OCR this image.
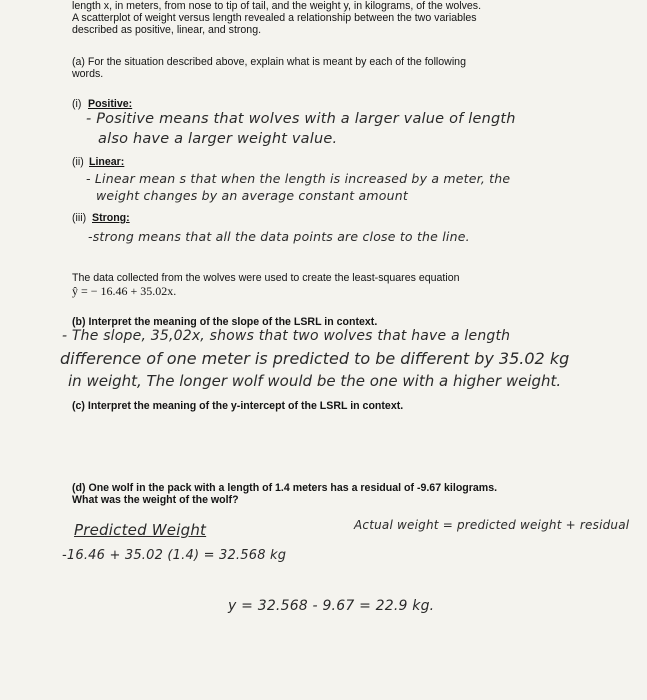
length x, in meters, from nose to tip of tail, and the weight y, in kilograms, of the wolves.
A scatterplot of weight versus length revealed a relationship between the two variables
described as positive, linear, and strong.
(a) For the situation described above, explain what is meant by each of the following
words.
(i) Positive:
- Positive means that wolves with a larger value of length
also have a larger weight value.
(ii) Linear:
- Linear mean s that when the length is increased by a meter, the
weight changes by an average constant amount
(iii) Strong:
-strong means that all the data points are close to the line.
The data collected from the wolves were used to create the least-squares equation
ŷ = − 16.46 + 35.02x.
(b) Interpret the meaning of the slope of the LSRL in context.
- The slope, 35,02x, shows that two wolves that have a length
difference of one meter is predicted to be different by 35.02 kg
in weight, The longer wolf would be the one with a higher weight.
(c) Interpret the meaning of the y-intercept of the LSRL in context.
(d) One wolf in the pack with a length of 1.4 meters has a residual of -9.67 kilograms.
What was the weight of the wolf?
Predicted Weight	Actual weight = predicted weight + residual
-16.46 + 35.02 (1.4) = 32.568 kg
y = 32.568 - 9.67 = 22.9 kg.
